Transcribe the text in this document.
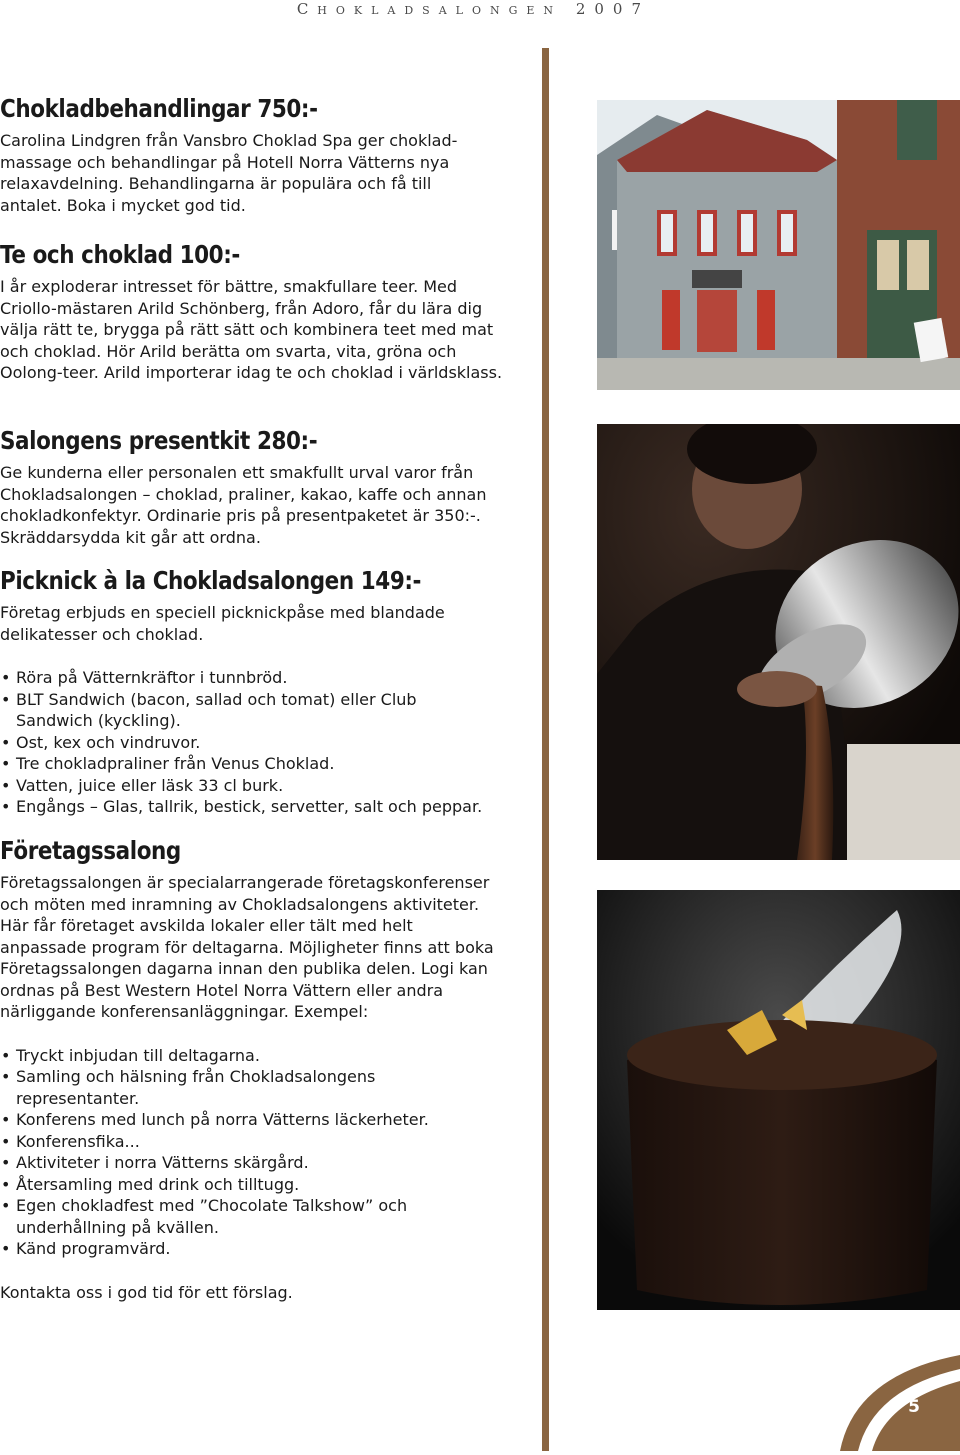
Chokladsalongen 2007
Chokladbehandlingar 750:-

Carolina Lindgren från Vansbro Choklad Spa ger choklad-massage och behandlingar på Hotell Norra Vätterns nya relaxavdelning. Behandlingarna är populära och få till antalet. Boka i mycket god tid.

Te och choklad 100:-

I år exploderar intresset för bättre, smakfullare teer. Med Criollo-mästaren Arild Schönberg, från Adoro, får du lära dig välja rätt te, brygga på rätt sätt och kombinera teet med mat och choklad. Hör Arild berätta om svarta, vita, gröna och Oolong-teer. Arild importerar idag te och choklad i världsklass.

Salongens presentkit 280:-

Ge kunderna eller personalen ett smakfullt urval varor från Chokladsalongen – choklad, praliner, kakao, kaffe och annan chokladkonfektyr. Ordinarie pris på presentpaketet är 350:-. Skräddarsydda kit går att ordna.

Picknick à la Chokladsalongen 149:-

Företag erbjuds en speciell picknickpåse med blandade delikatesser och choklad.

• Röra på Vätternkräftor i tunnbröd.
• BLT Sandwich (bacon, sallad och tomat) eller Club Sandwich (kyckling).
• Ost, kex och vindruvor.
• Tre chokladpraliner från Venus Choklad.
• Vatten, juice eller läsk 33 cl burk.
• Engångs – Glas, tallrik, bestick, servetter, salt och peppar.
Företagssalong

Företagssalongen är specialarrangerade företagskonferenser och möten med inramning av Chokladsalongens aktiviteter. Här får företaget avskilda lokaler eller tält med helt anpassade program för deltagarna. Möjligheter finns att boka Företagssalongen dagarna innan den publika delen. Logi kan ordnas på Best Western Hotel Norra Vättern eller andra närliggande konferensanläggningar. Exempel:

• Tryckt inbjudan till deltagarna.
• Samling och hälsning från Chokladsalongens representanter.
• Konferens med lunch på norra Vätterns läckerheter.
• Konferensfika...
• Aktiviteter i norra Vätterns skärgård.
• Återsamling med drink och tilltugg.
• Egen chokladfest med ”Chocolate Talkshow” och underhållning på kvällen.
• Känd programvärd.

Kontakta oss i god tid för ett förslag.

5
